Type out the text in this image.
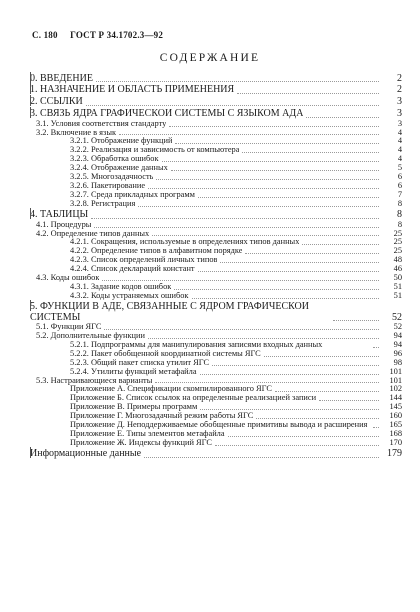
С. 180 ГОСТ Р 34.1702.3—92
СОДЕРЖАНИЕ
0. ВВЕДЕНИЕ	2
1. НАЗНАЧЕНИЕ И ОБЛАСТЬ ПРИМЕНЕНИЯ	2
2. ССЫЛКИ	3
3. СВЯЗЬ ЯДРА ГРАФИЧЕСКОЙ СИСТЕМЫ С ЯЗЫКОМ АДА	3
3.1. Условия соответствия стандарту	3
3.2. Включение в язык	4
3.2.1. Отображение функций	4
3.2.2. Реализация и зависимость от компьютера	4
3.2.3. Обработка ошибок	4
3.2.4. Отображение данных	5
3.2.5. Многозадачность	6
3.2.6. Пакетирование	6
3.2.7. Среда прикладных программ	7
3.2.8. Регистрация	8
4. ТАБЛИЦЫ	8
4.1. Процедуры	8
4.2. Определение типов данных	25
4.2.1. Сокращения, используемые в определениях типов данных	25
4.2.2. Определение типов в алфавитном порядке	25
4.2.3. Список определений личных типов	48
4.2.4. Список деклараций констант	46
4.3. Коды ошибок	50
4.3.1. Задание кодов ошибок	51
4.3.2. Коды устраняемых ошибок	51
5. ФУНКЦИИ В АДЕ, СВЯЗАННЫЕ С ЯДРОМ ГРАФИЧЕСКОЙ СИСТЕМЫ	52
5.1. Функции ЯГС	52
5.2. Дополнительные функции	94
5.2.1. Подпрограммы для манипулирования записями входных данных	94
5.2.2. Пакет обобщенной координатной системы ЯГС	96
5.2.3. Общий пакет списка утилит ЯГС	98
5.2.4. Утилиты функций метафайла	101
5.3. Настраивающиеся варианты	101
Приложение А. Спецификации скомпилированного ЯГС	102
Приложение Б. Список ссылок на определенные реализацией записи	144
Приложение В. Примеры программ	145
Приложение Г. Многозадачный режим работы ЯГС	160
Приложение Д. Неподдерживаемые обобщенные примитивы вывода и расширения	165
Приложение Е. Типы элементов метафайла	168
Приложение Ж. Индексы функций ЯГС	170
Информационные данные	179
